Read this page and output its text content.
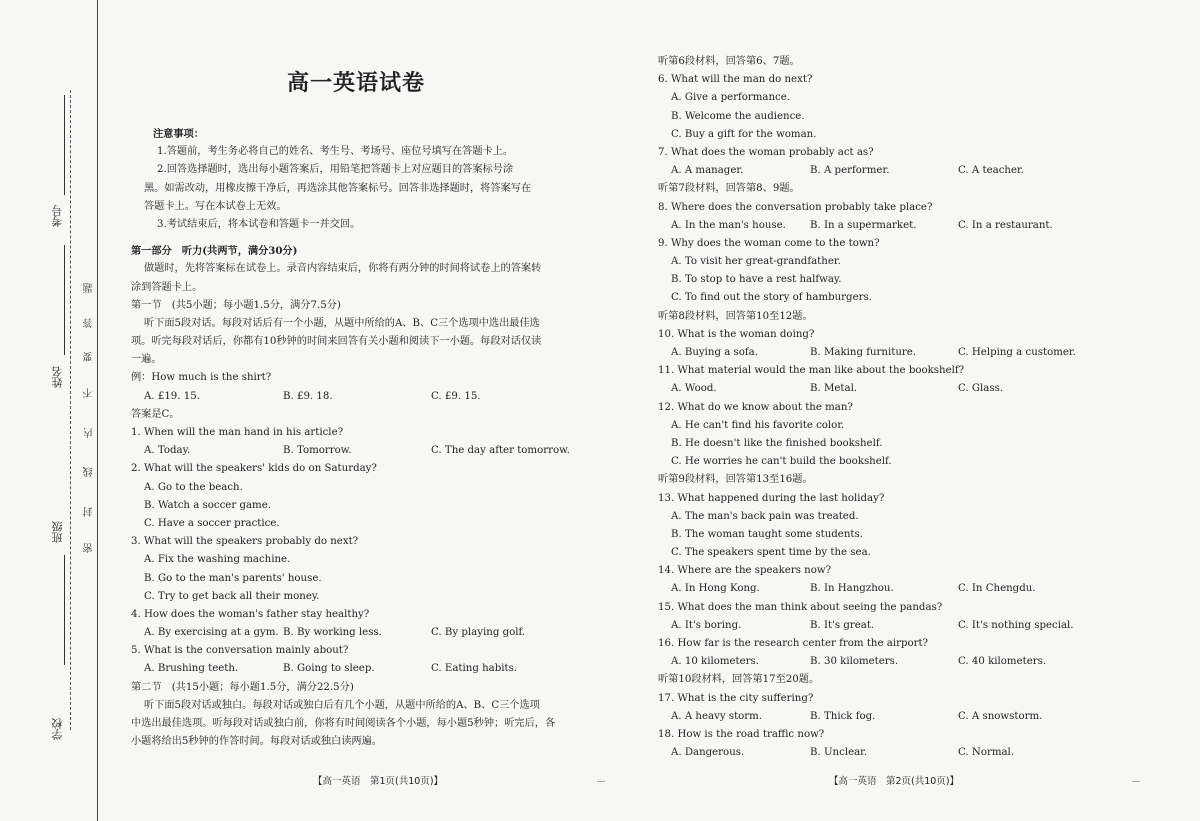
考号
姓名
班级
学校
题
答
要
不
内
线
封
密
高一英语试卷
注意事项：
1.答题前，考生务必将自己的姓名、考生号、考场号、座位号填写在答题卡上。
2.回答选择题时，选出每小题答案后，用铅笔把答题卡上对应题目的答案标号涂
黑。如需改动，用橡皮擦干净后，再选涂其他答案标号。回答非选择题时，将答案写在
答题卡上。写在本试卷上无效。
3.考试结束后，将本试卷和答题卡一并交回。
第一部分　听力(共两节，满分30分)
做题时，先将答案标在试卷上。录音内容结束后，你将有两分钟的时间将试卷上的答案转
涂到答题卡上。
第一节　(共5小题；每小题1.5分，满分7.5分)
听下面5段对话。每段对话后有一个小题，从题中所给的A、B、C三个选项中选出最佳选
项。听完每段对话后，你都有10秒钟的时间来回答有关小题和阅读下一小题。每段对话仅读
一遍。
例：How much is the shirt?
A. £19. 15.	B. £9. 18.	C. £9. 15.
答案是C。
1. When will the man hand in his article?
A. Today.	B. Tomorrow.	C. The day after tomorrow.
2. What will the speakers' kids do on Saturday?
A. Go to the beach.
B. Watch a soccer game.
C. Have a soccer practice.
3. What will the speakers probably do next?
A. Fix the washing machine.
B. Go to the man's parents' house.
C. Try to get back all their money.
4. How does the woman's father stay healthy?
A. By exercising at a gym. B. By working less.	C. By playing golf.
5. What is the conversation mainly about?
A. Brushing teeth.	B. Going to sleep.	C. Eating habits.
第二节　(共15小题；每小题1.5分，满分22.5分)
听下面5段对话或独白。每段对话或独白后有几个小题，从题中所给的A、B、C三个选项
中选出最佳选项。听每段对话或独白前，你将有时间阅读各个小题，每小题5秒钟；听完后，各
小题将给出5秒钟的作答时间。每段对话或独白读两遍。
听第6段材料，回答第6、7题。
6. What will the man do next?
A. Give a performance.
B. Welcome the audience.
C. Buy a gift for the woman.
7. What does the woman probably act as?
A. A manager.	B. A performer.	C. A teacher.
听第7段材料，回答第8、9题。
8. Where does the conversation probably take place?
A. In the man's house. B. In a supermarket.	C. In a restaurant.
9. Why does the woman come to the town?
A. To visit her great-grandfather.
B. To stop to have a rest halfway.
C. To find out the story of hamburgers.
听第8段材料，回答第10至12题。
10. What is the woman doing?
A. Buying a sofa.	B. Making furniture.	C. Helping a customer.
11. What material would the man like about the bookshelf?
A. Wood.	B. Metal.	C. Glass.
12. What do we know about the man?
A. He can't find his favorite color.
B. He doesn't like the finished bookshelf.
C. He worries he can't build the bookshelf.
听第9段材料，回答第13至16题。
13. What happened during the last holiday?
A. The man's back pain was treated.
B. The woman taught some students.
C. The speakers spent time by the sea.
14. Where are the speakers now?
A. In Hong Kong.	B. In Hangzhou.	C. In Chengdu.
15. What does the man think about seeing the pandas?
A. It's boring.	B. It's great.	C. It's nothing special.
16. How far is the research center from the airport?
A. 10 kilometers.	B. 30 kilometers.	C. 40 kilometers.
听第10段材料，回答第17至20题。
17. What is the city suffering?
A. A heavy storm.	B. Thick fog.	C. A snowstorm.
18. How is the road traffic now?
A. Dangerous.	B. Unclear.	C. Normal.
【高一英语　第1页(共10页)】	【高一英语　第2页(共10页)】
